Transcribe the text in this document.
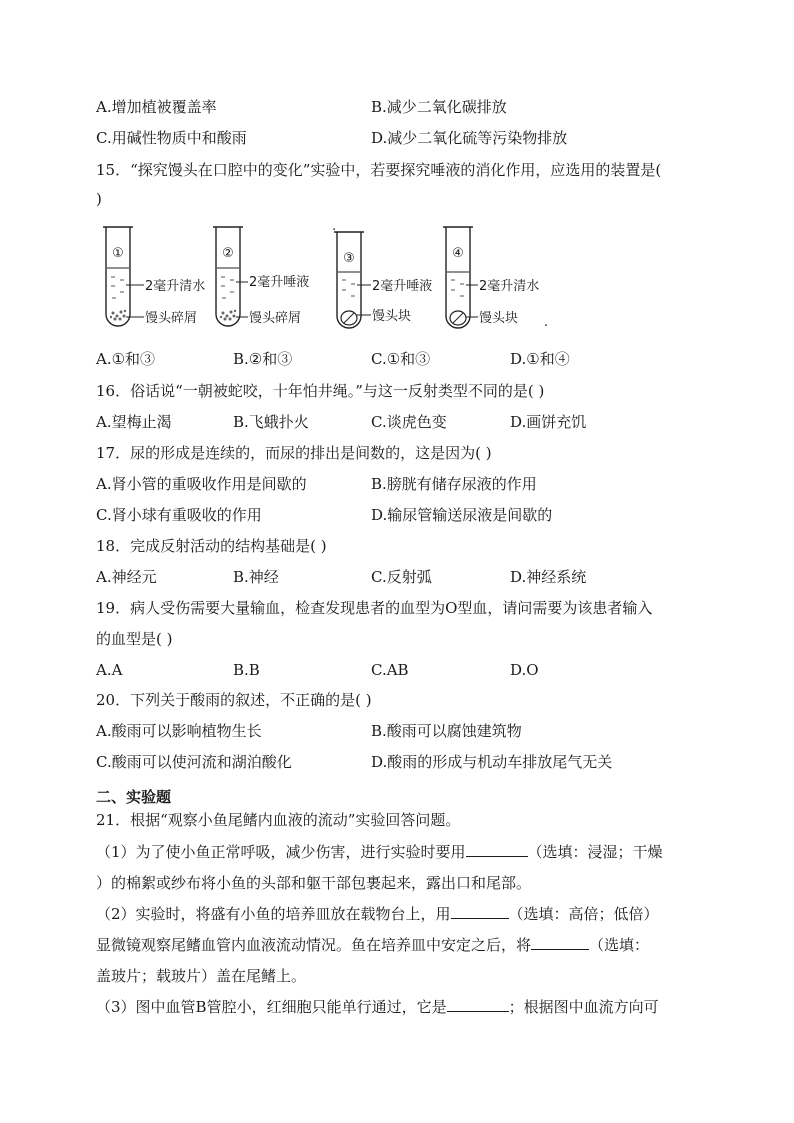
A.增加植被覆盖率	B.减少二氧化碳排放
C.用碱性物质中和酸雨	D.减少二氧化硫等污染物排放
15．“探究馒头在口腔中的变化”实验中，若要探究唾液的消化作用，应选用的装置是(
)
①
2毫升清水
馒头碎屑
②
2毫升唾液
馒头碎屑
③
2毫升唾液
馒头块
·
④
2毫升清水
馒头块
·
A.①和③	B.②和③	C.①和③	D.①和④
16．俗话说“一朝被蛇咬，十年怕井绳。”与这一反射类型不同的是( )
A.望梅止渴	B.飞蛾扑火	C.谈虎色变	D.画饼充饥
17．尿的形成是连续的，而尿的排出是间数的，这是因为( )
A.肾小管的重吸收作用是间歇的	B.膀胱有储存尿液的作用
C.肾小球有重吸收的作用	D.输尿管输送尿液是间歇的
18．完成反射活动的结构基础是( )
A.神经元	B.神经	C.反射弧	D.神经系统
19．病人受伤需要大量输血，检查发现患者的血型为O型血，请问需要为该患者输入
的血型是( )
A.A	B.B	C.AB	D.O
20．下列关于酸雨的叙述，不正确的是( )
A.酸雨可以影响植物生长	B.酸雨可以腐蚀建筑物
C.酸雨可以使河流和湖泊酸化	D.酸雨的形成与机动车排放尾气无关
二、实验题
21．根据“观察小鱼尾鳍内血液的流动”实验回答问题。
（1）为了使小鱼正常呼吸，减少伤害，进行实验时要用	（选填：浸湿；干燥
）的棉絮或纱布将小鱼的头部和躯干部包裹起来，露出口和尾部。
（2）实验时，将盛有小鱼的培养皿放在载物台上，用	（选填：高倍；低倍）
显微镜观察尾鳍血管内血液流动情况。鱼在培养皿中安定之后，将	（选填：
盖玻片；载玻片）盖在尾鳍上。
（3）图中血管B管腔小，红细胞只能单行通过，它是	；根据图中血流方向可
